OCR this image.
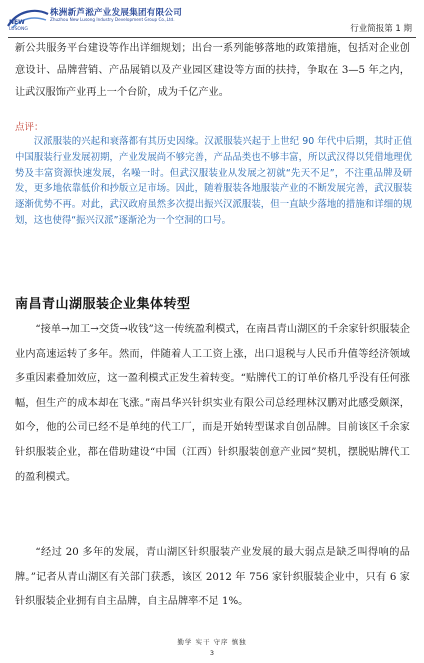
NEW
LUSONG
株洲新芦淞产业发展集团有限公司
Zhuzhou New Lusong Industry Development Group Co.,Ltd.
行业简报第 1 期
新公共服务平台建设等作出详细规划；出台一系列能够落地的政策措施，包括对企业创意设计、品牌营销、产品展销以及产业园区建设等方面的扶持，争取在 3—5 年之内，让武汉服饰产业再上一个台阶，成为千亿产业。
点评：
汉派服装的兴起和衰落都有其历史因缘。汉派服装兴起于上世纪 90 年代中后期，其时正值中国服装行业发展初期，产业发展尚不够完善，产品品类也不够丰富，所以武汉得以凭借地理优势及丰富资源快速发展，名噪一时。但武汉服装业从发展之初就“先天不足”，不注重品牌及研发，更多地依靠低价和抄版立足市场。因此，随着服装各地服装产业的不断发展完善，武汉服装逐渐优势不再。对此，武汉政府虽然多次提出振兴汉派服装，但一直缺少落地的措施和详细的规划，这也使得“振兴汉派”逐渐沦为一个空洞的口号。
南昌青山湖服装企业集体转型
“接单→加工→交货→收钱”这一传统盈利模式，在南昌青山湖区的千余家针织服装企业内高速运转了多年。然而，伴随着人工工资上涨，出口退税与人民币升值等经济领域多重因素叠加效应，这一盈利模式正发生着转变。“贴牌代工的订单价格几乎没有任何涨幅，但生产的成本却在飞涨。”南昌华兴针织实业有限公司总经理林汉鹏对此感受颇深，如今，他的公司已经不是单纯的代工厂，而是开始转型谋求自创品牌。目前该区千余家针织服装企业，都在借助建设“中国（江西）针织服装创意产业园”契机，摆脱贴牌代工的盈利模式。
“经过 20 多年的发展，青山湖区针织服装产业发展的最大弱点是缺乏叫得响的品牌。”记者从青山湖区有关部门获悉，该区 2012 年 756 家针织服装企业中，只有 6 家针织服装企业拥有自主品牌，自主品牌率不足 1%。
勤学 实干 守序 慎独
3
